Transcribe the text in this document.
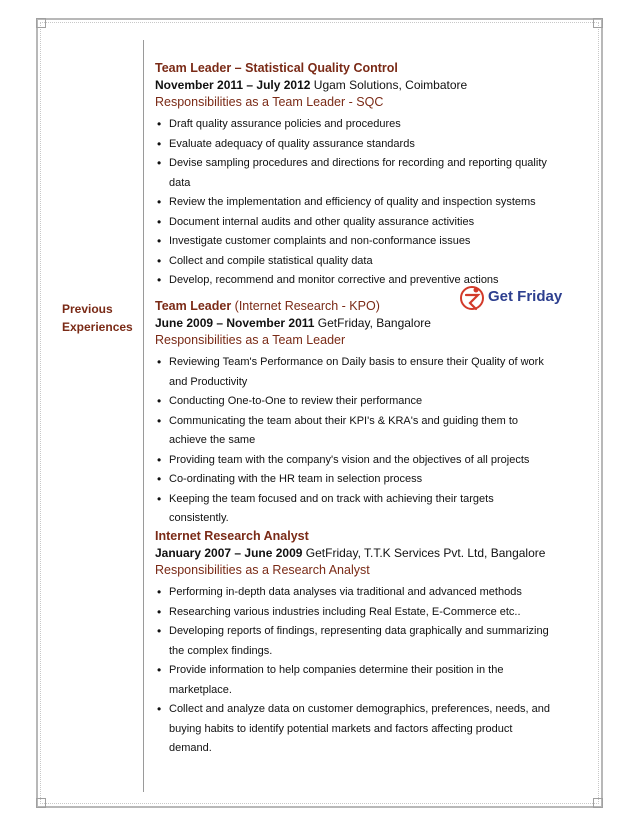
Previous
Experiences
Get Friday
Team Leader – Statistical Quality Control
November 2011 – July 2012 Ugam Solutions, Coimbatore
Responsibilities as a Team Leader - SQC
• Draft quality assurance policies and procedures
• Evaluate adequacy of quality assurance standards
• Devise sampling procedures and directions for recording and reporting quality data
• Review the implementation and efficiency of quality and inspection systems
• Document internal audits and other quality assurance activities
• Investigate customer complaints and non-conformance issues
• Collect and compile statistical quality data
• Develop, recommend and monitor corrective and preventive actions
Team Leader (Internet Research - KPO)
June 2009 – November 2011 GetFriday, Bangalore
Responsibilities as a Team Leader
• Reviewing Team's Performance on Daily basis to ensure their Quality of work and Productivity
• Conducting One-to-One to review their performance
• Communicating the team about their KPI's & KRA's and guiding them to achieve the same
• Providing team with the company's vision and the objectives of all projects
• Co-ordinating with the HR team in selection process
• Keeping the team focused and on track with achieving their targets consistently.
Internet Research Analyst
January 2007 – June 2009 GetFriday, T.T.K Services Pvt. Ltd, Bangalore
Responsibilities as a Research Analyst
• Performing in-depth data analyses via traditional and advanced methods
• Researching various industries including Real Estate, E-Commerce etc..
• Developing reports of findings, representing data graphically and summarizing the complex findings.
• Provide information to help companies determine their position in the marketplace.
• Collect and analyze data on customer demographics, preferences, needs, and buying habits to identify potential markets and factors affecting product demand.
